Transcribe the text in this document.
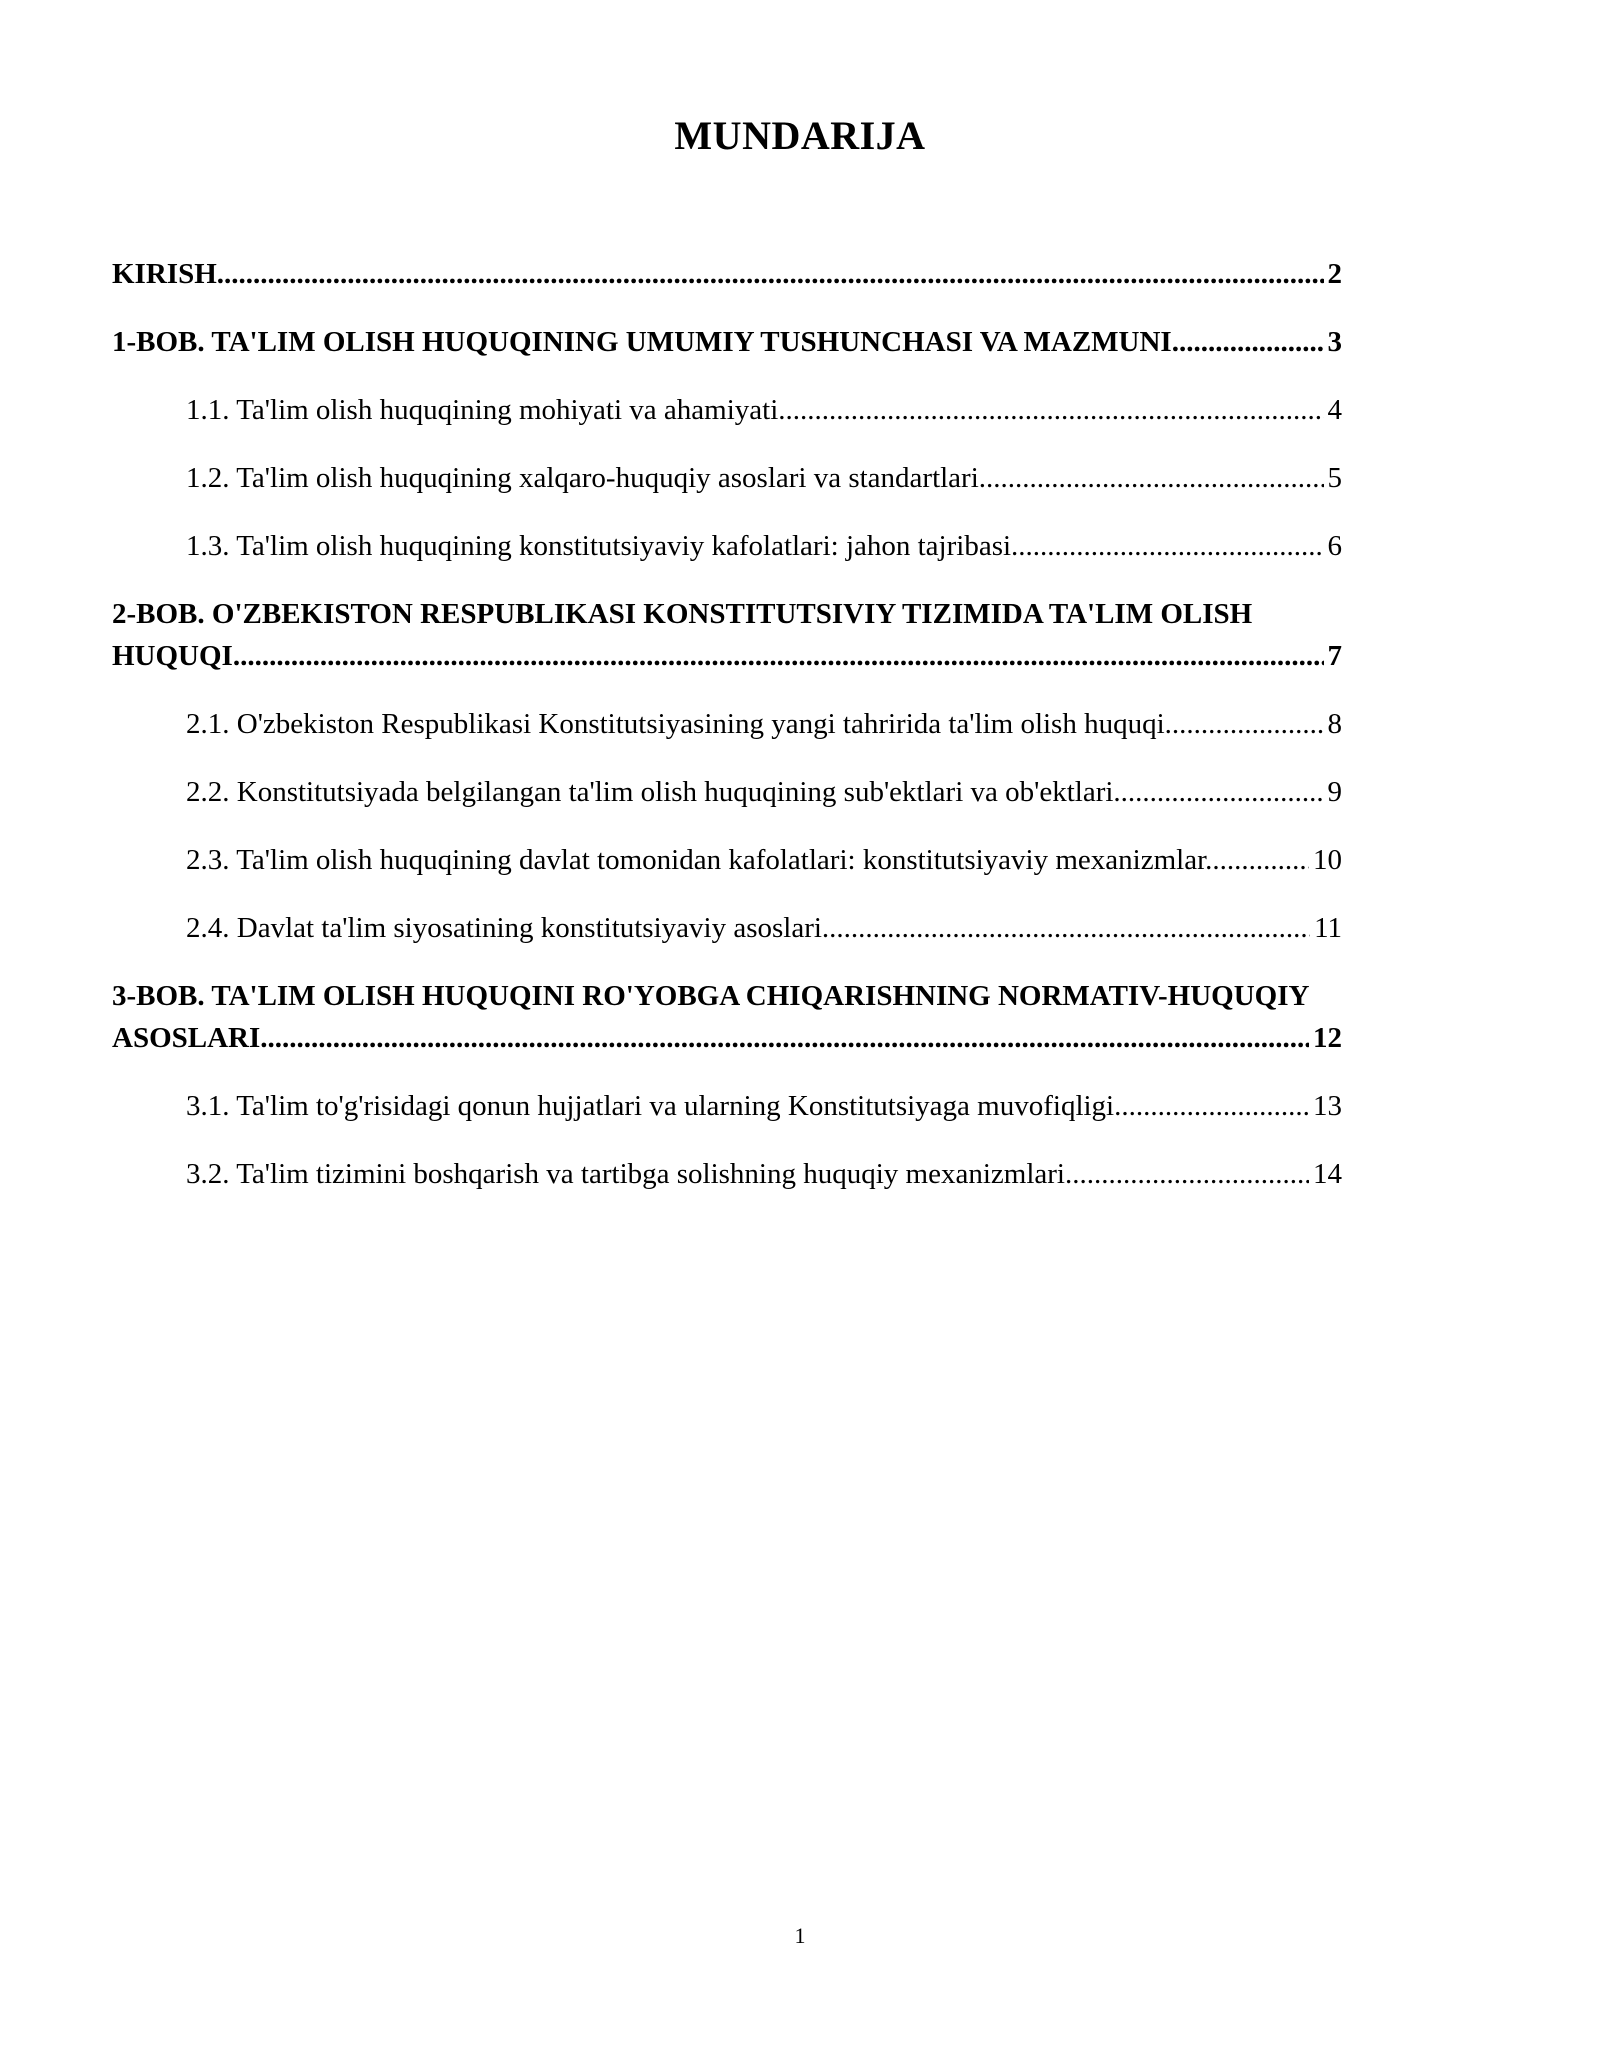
MUNDARIJA
KIRISH .....	2
1-BOB. TA'LIM OLISH HUQUQINING UMUMIY TUSHUNCHASI VA MAZMUNI .....	3
1.1. Ta'lim olish huquqining mohiyati va ahamiyati .....	4
1.2. Ta'lim olish huquqining xalqaro-huquqiy asoslari va standartlari .....	5
1.3. Ta'lim olish huquqining konstitutsiyaviy kafolatlari: jahon tajribasi .....	6
2-BOB. O'ZBEKISTON RESPUBLIKASI KONSTITUTSIVIY TIZIMIDA TA'LIM OLISH
HUQUQI .....	7
2.1. O'zbekiston Respublikasi Konstitutsiyasining yangi tahririda ta'lim olish huquqi .....	8
2.2. Konstitutsiyada belgilangan ta'lim olish huquqining sub'ektlari va ob'ektlari .....	9
2.3. Ta'lim olish huquqining davlat tomonidan kafolatlari: konstitutsiyaviy mexanizmlar. .....	10
2.4. Davlat ta'lim siyosatining konstitutsiyaviy asoslari .....	11
3-BOB. TA'LIM OLISH HUQUQINI RO'YOBGA CHIQARISHNING NORMATIV-HUQUQIY
ASOSLARI .....	12
3.1. Ta'lim to'g'risidagi qonun hujjatlari va ularning Konstitutsiyaga muvofiqligi .....	13
3.2. Ta'lim tizimini boshqarish va tartibga solishning huquqiy mexanizmlari .....	14
1
